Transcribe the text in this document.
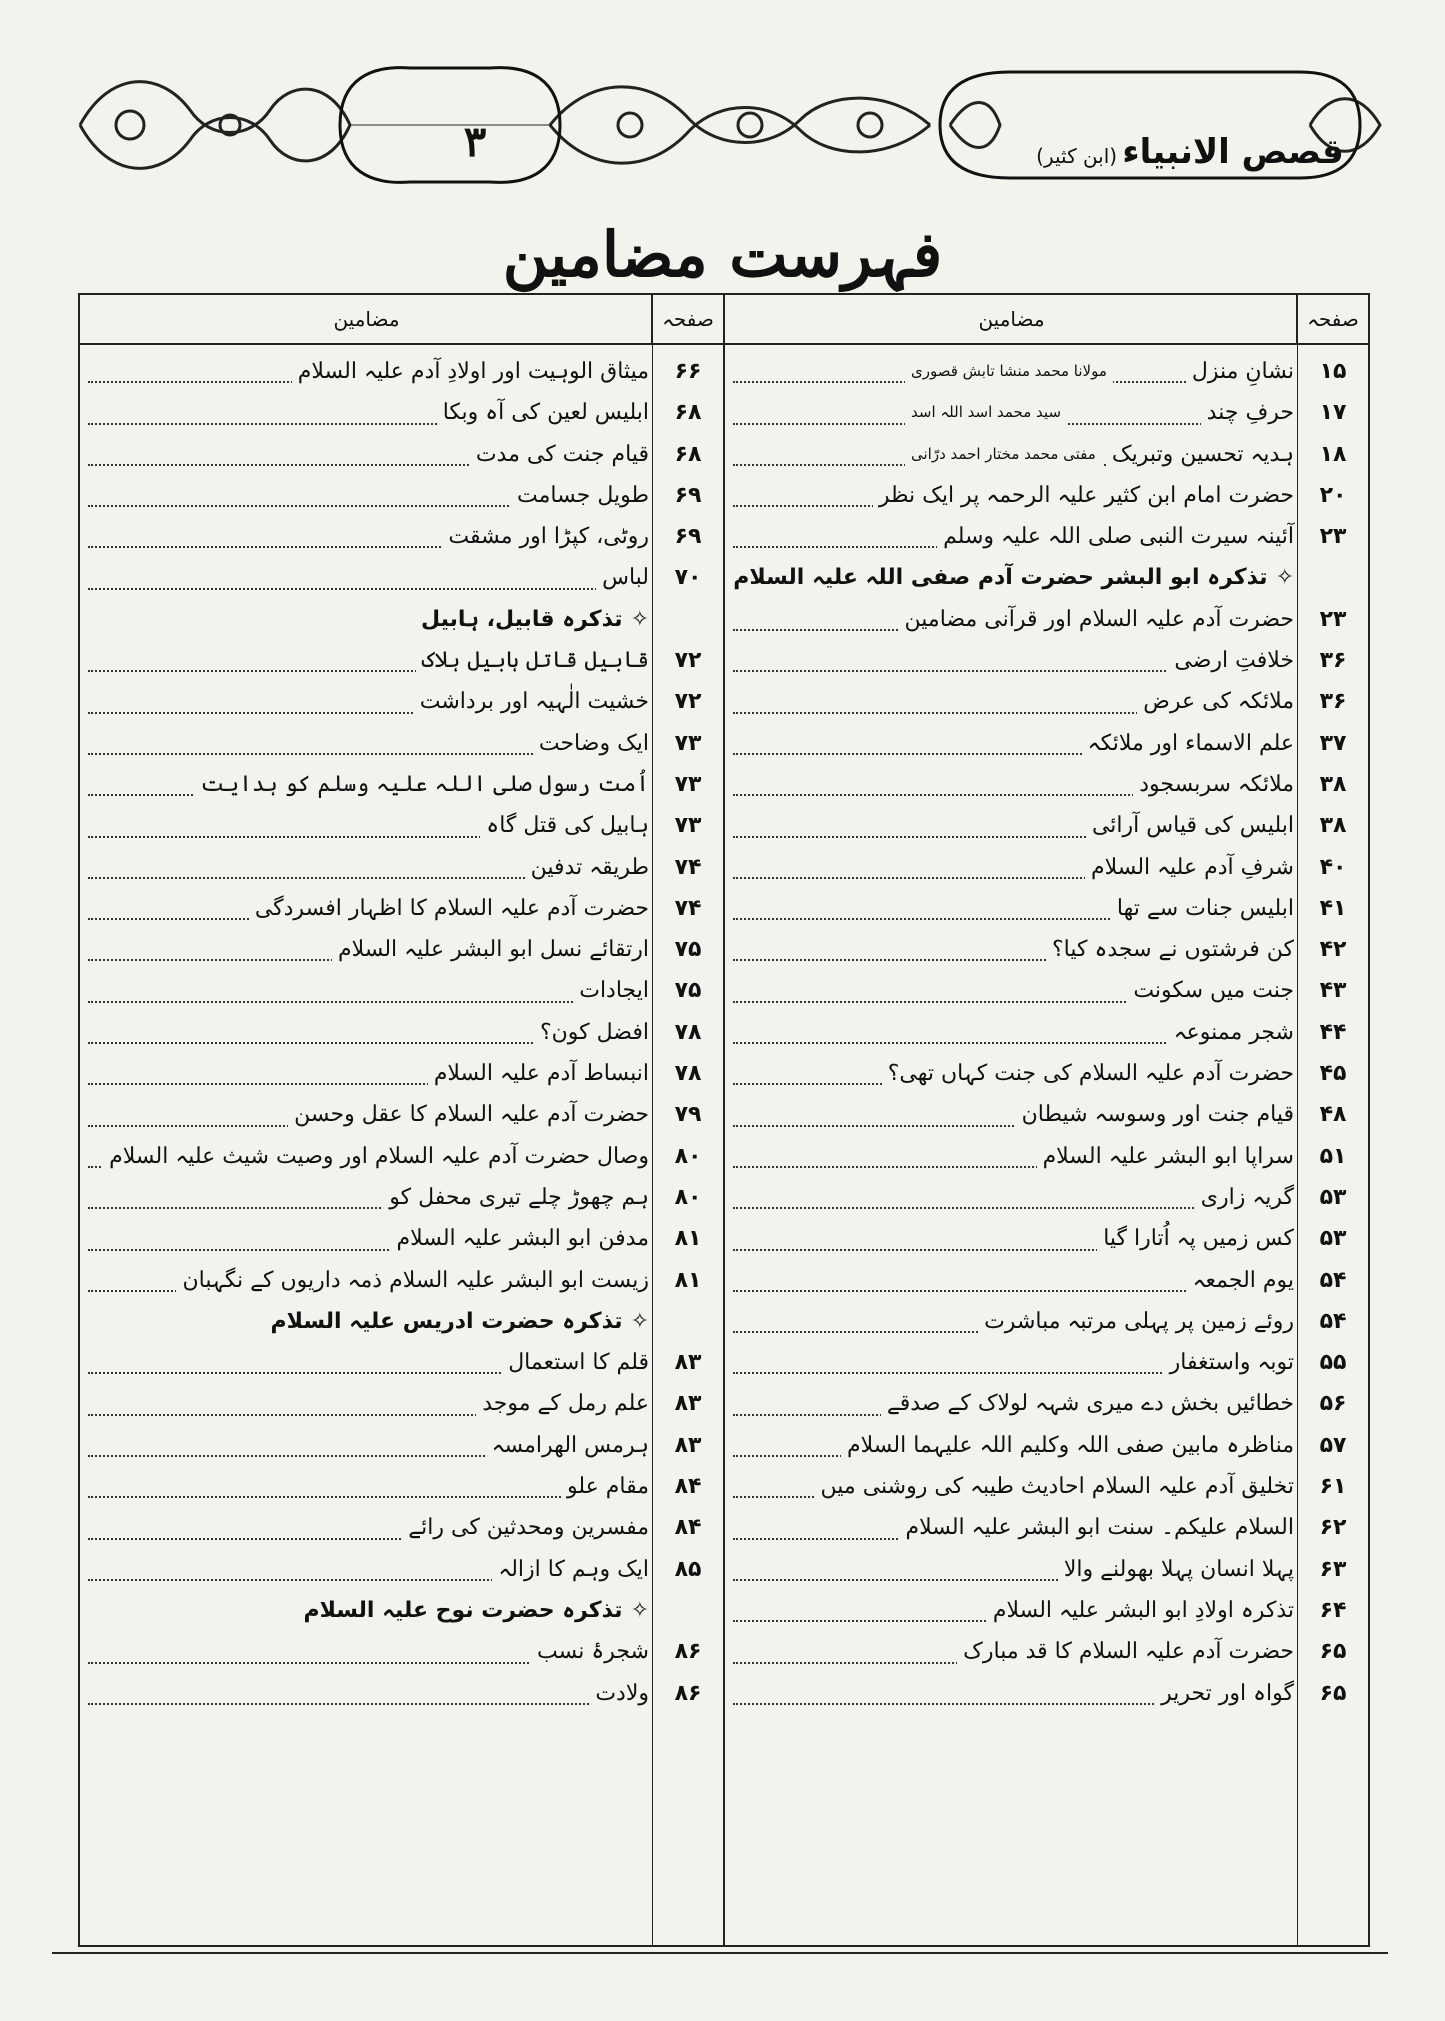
۳	قصص الانبیاء (ابن کثیر)
فہرست مضامین
صفحہ
مضامین
۱۵
نشانِ منزل
مولانا محمد منشا تابش قصوری
۱۷
حرفِ چند
سید محمد اسد اللہ اسد
۱۸
ہدیہ تحسین وتبریک
مفتی محمد مختار احمد درّانی
۲۰
حضرت امام ابن کثیر علیہ الرحمہ پر ایک نظر
۲۳
آئینہ سیرت النبی صلی اللہ علیہ وسلم
✧تذکرہ ابو البشر حضرت آدم صفی اللہ علیہ السلام
۲۳
حضرت آدم علیہ السلام اور قرآنی مضامین
۳۶
خلافتِ ارضی
۳۶
ملائکہ کی عرض
۳۷
علم الاسماء اور ملائکہ
۳۸
ملائکہ سربسجود
۳۸
ابلیس کی قیاس آرائی
۴۰
شرفِ آدم علیہ السلام
۴۱
ابلیس جنات سے تھا
۴۲
کن فرشتوں نے سجدہ کیا؟
۴۳
جنت میں سکونت
۴۴
شجر ممنوعہ
۴۵
حضرت آدم علیہ السلام کی جنت کہاں تھی؟
۴۸
قیام جنت اور وسوسہ شیطان
۵۱
سراپا ابو البشر علیہ السلام
۵۳
گریہ زاری
۵۳
کس زمیں پہ اُتارا گیا
۵۴
یوم الجمعہ
۵۴
روئے زمین پر پہلی مرتبہ مباشرت
۵۵
توبہ واستغفار
۵۶
خطائیں بخش دے میری شہہ لولاک کے صدقے
۵۷
مناظرہ مابین صفی اللہ وکلیم اللہ علیہما السلام
۶۱
تخلیق آدم علیہ السلام احادیث طیبہ کی روشنی میں
۶۲
السلام علیکم۔ سنت ابو البشر علیہ السلام
۶۳
پہلا انسان پہلا بھولنے والا
۶۴
تذکرہ اولادِ ابو البشر علیہ السلام
۶۵
حضرت آدم علیہ السلام کا قد مبارک
۶۵
گواہ اور تحریر
صفحہ
مضامین
۶۶
میثاق الوہیت اور اولادِ آدم علیہ السلام
۶۸
ابلیس لعین کی آہ وبکا
۶۸
قیام جنت کی مدت
۶۹
طویل جسامت
۶۹
روٹی، کپڑا اور مشقت
۷۰
لباس
✧تذکرہ قابیل، ہابیل
۷۲
قابیل قاتل ہابیل ہلاک
۷۲
خشیت الٰہیہ اور برداشت
۷۳
ایک وضاحت
۷۳
اُمت رسول صلی اللہ علیہ وسلم کو ہدایت
۷۳
ہابیل کی قتل گاہ
۷۴
طریقہ تدفین
۷۴
حضرت آدم علیہ السلام کا اظہار افسردگی
۷۵
ارتقائے نسل ابو البشر علیہ السلام
۷۵
ایجادات
۷۸
افضل کون؟
۷۸
انبساط آدم علیہ السلام
۷۹
حضرت آدم علیہ السلام کا عقل وحسن
۸۰
وصال حضرت آدم علیہ السلام اور وصیت شیث علیہ السلام
۸۰
ہم چھوڑ چلے تیری محفل کو
۸۱
مدفن ابو البشر علیہ السلام
۸۱
زیست ابو البشر علیہ السلام ذمہ داریوں کے نگہبان
✧تذکرہ حضرت ادریس علیہ السلام
۸۳
قلم کا استعمال
۸۳
علم رمل کے موجد
۸۳
ہرمس الھرامسہ
۸۴
مقام علو
۸۴
مفسرین ومحدثین کی رائے
۸۵
ایک وہم کا ازالہ
✧تذکرہ حضرت نوح علیہ السلام
۸۶
شجرۂ نسب
۸۶
ولادت
